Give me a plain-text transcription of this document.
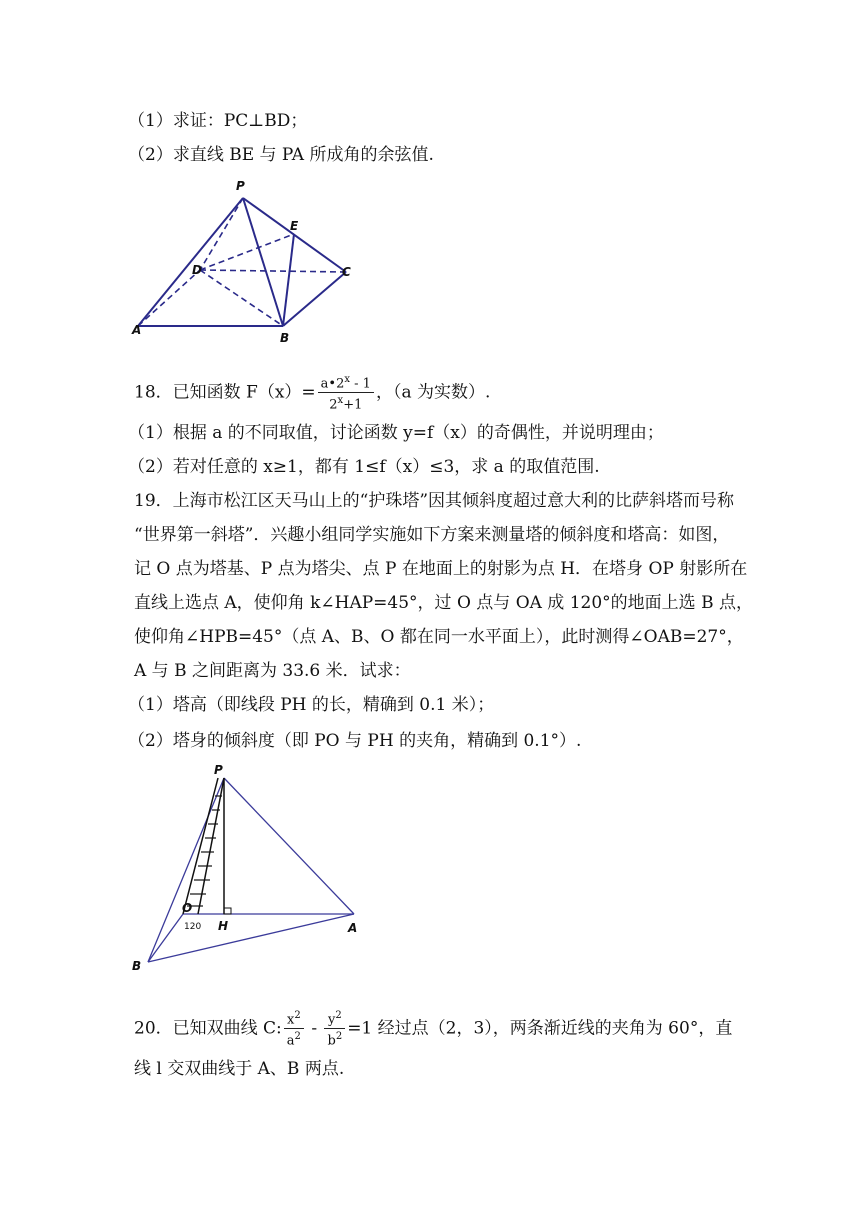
（1）求证：PC⊥BD；
（2）求直线 BE 与 PA 所成角的余弦值.
P
E
D	C
A
B
18．已知函数 $F(x)= \frac{a•2^x - 1}{2^x+1}$ ，（a 为实数）.
（1）根据 a 的不同取值，讨论函数 y=f（x）的奇偶性，并说明理由；
（2）若对任意的 x≥1，都有 1≤f（x）≤3，求 a 的取值范围.
19．上海市松江区天马山上的“护珠塔”因其倾斜度超过意大利的比萨斜塔而号称
“世界第一斜塔”．兴趣小组同学实施如下方案来测量塔的倾斜度和塔高：如图，
记 O 点为塔基、P 点为塔尖、点 P 在地面上的射影为点 H．在塔身 OP 射影所在
直线上选点 A，使仰角 k∠HAP=45°，过 O 点与 OA 成 120°的地面上选 B 点，
使仰角∠HPB=45°（点 A、B、O 都在同一水平面上），此时测得∠OAB=27°，
A 与 B 之间距离为 33.6 米．试求：
（1）塔高（即线段 PH 的长，精确到 0.1 米）；
（2）塔身的倾斜度（即 PO 与 PH 的夹角，精确到 0.1°）.
P
O
120 H	A
B
20．已知双曲线 C: $\frac{x^2}{a^2} - \frac{y^2}{b^2} =1$ 经过点（2，3），两条渐近线的夹角为 60°，直
线 l 交双曲线于 A、B 两点.
